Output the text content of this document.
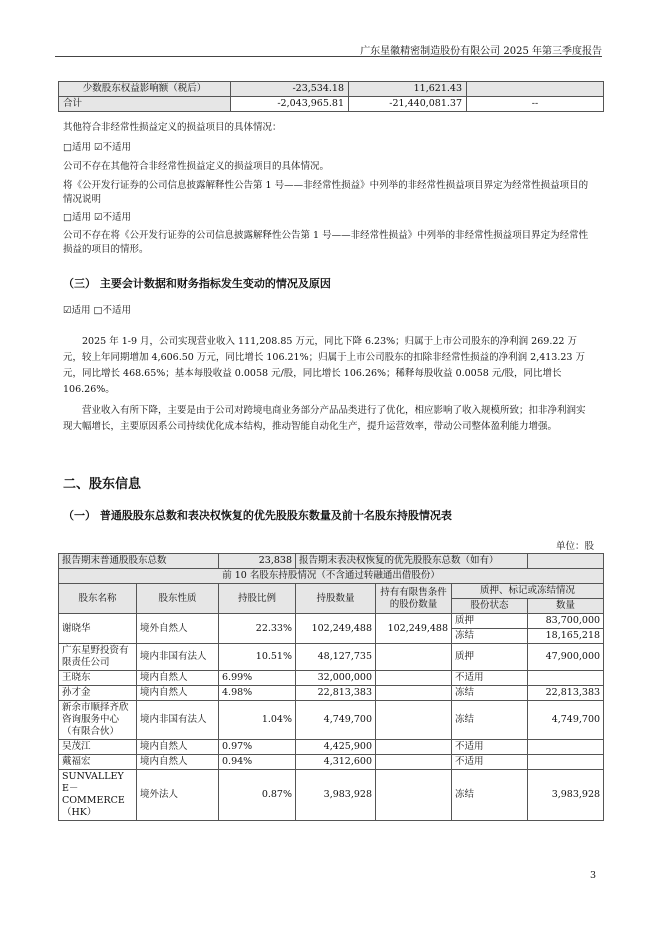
广东星徽精密制造股份有限公司 2025 年第三季度报告
少数股东权益影响额（税后）	-23,534.18	11,621.43	
合计	-2,043,965.81	-21,440,081.37	--
其他符合非经常性损益定义的损益项目的具体情况：
□适用 ☑不适用
公司不存在其他符合非经常性损益定义的损益项目的具体情况。
将《公开发行证券的公司信息披露解释性公告第 1 号——非经常性损益》中列举的非经常性损益项目界定为经常性损益项目的情况说明
□适用 ☑不适用
公司不存在将《公开发行证券的公司信息披露解释性公告第 1 号——非经常性损益》中列举的非经常性损益项目界定为经常性损益的项目的情形。
（三） 主要会计数据和财务指标发生变动的情况及原因
☑适用 □不适用
2025 年 1-9 月，公司实现营业收入 111,208.85 万元，同比下降 6.23%；归属于上市公司股东的净利润 269.22 万元，较上年同期增加 4,606.50 万元，同比增长 106.21%；归属于上市公司股东的扣除非经常性损益的净利润 2,413.23 万元，同比增长 468.65%；基本每股收益 0.0058 元/股，同比增长 106.26%；稀释每股收益 0.0058 元/股，同比增长 106.26%。
营业收入有所下降，主要是由于公司对跨境电商业务部分产品品类进行了优化，相应影响了收入规模所致；扣非净利润实现大幅增长，主要原因系公司持续优化成本结构，推动智能自动化生产，提升运营效率，带动公司整体盈利能力增强。
二、股东信息
（一） 普通股股东总数和表决权恢复的优先股股东数量及前十名股东持股情况表
单位：股
报告期末普通股股东总数		23,838	报告期末表决权恢复的优先股股东总数（如有）			
前 10 名股东持股情况（不含通过转融通出借股份）						
股东名称	股东性质	持股比例	持股数量	持有有限售条件的股份数量	质押、标记或冻结情况	
					股份状态	数量
谢晓华	境外自然人	22.33%	102,249,488	102,249,488	质押	83,700,000
					冻结	18,165,218
广东星野投资有限责任公司	境内非国有法人	10.51%	48,127,735		质押	47,900,000
王晓东	境内自然人	6.99%	32,000,000		不适用	
孙才金	境内自然人	4.98%	22,813,383		冻结	22,813,383
新余市顺择齐欣咨询服务中心（有限合伙）	境内非国有法人	1.04%	4,749,700		冻结	4,749,700
吴茂江	境内自然人	0.97%	4,425,900		不适用	
戴福宏	境内自然人	0.94%	4,312,600		不适用	
SUNVALLEY E－COMMERCE（HK）	境外法人	0.87%	3,983,928		冻结	3,983,928
3
